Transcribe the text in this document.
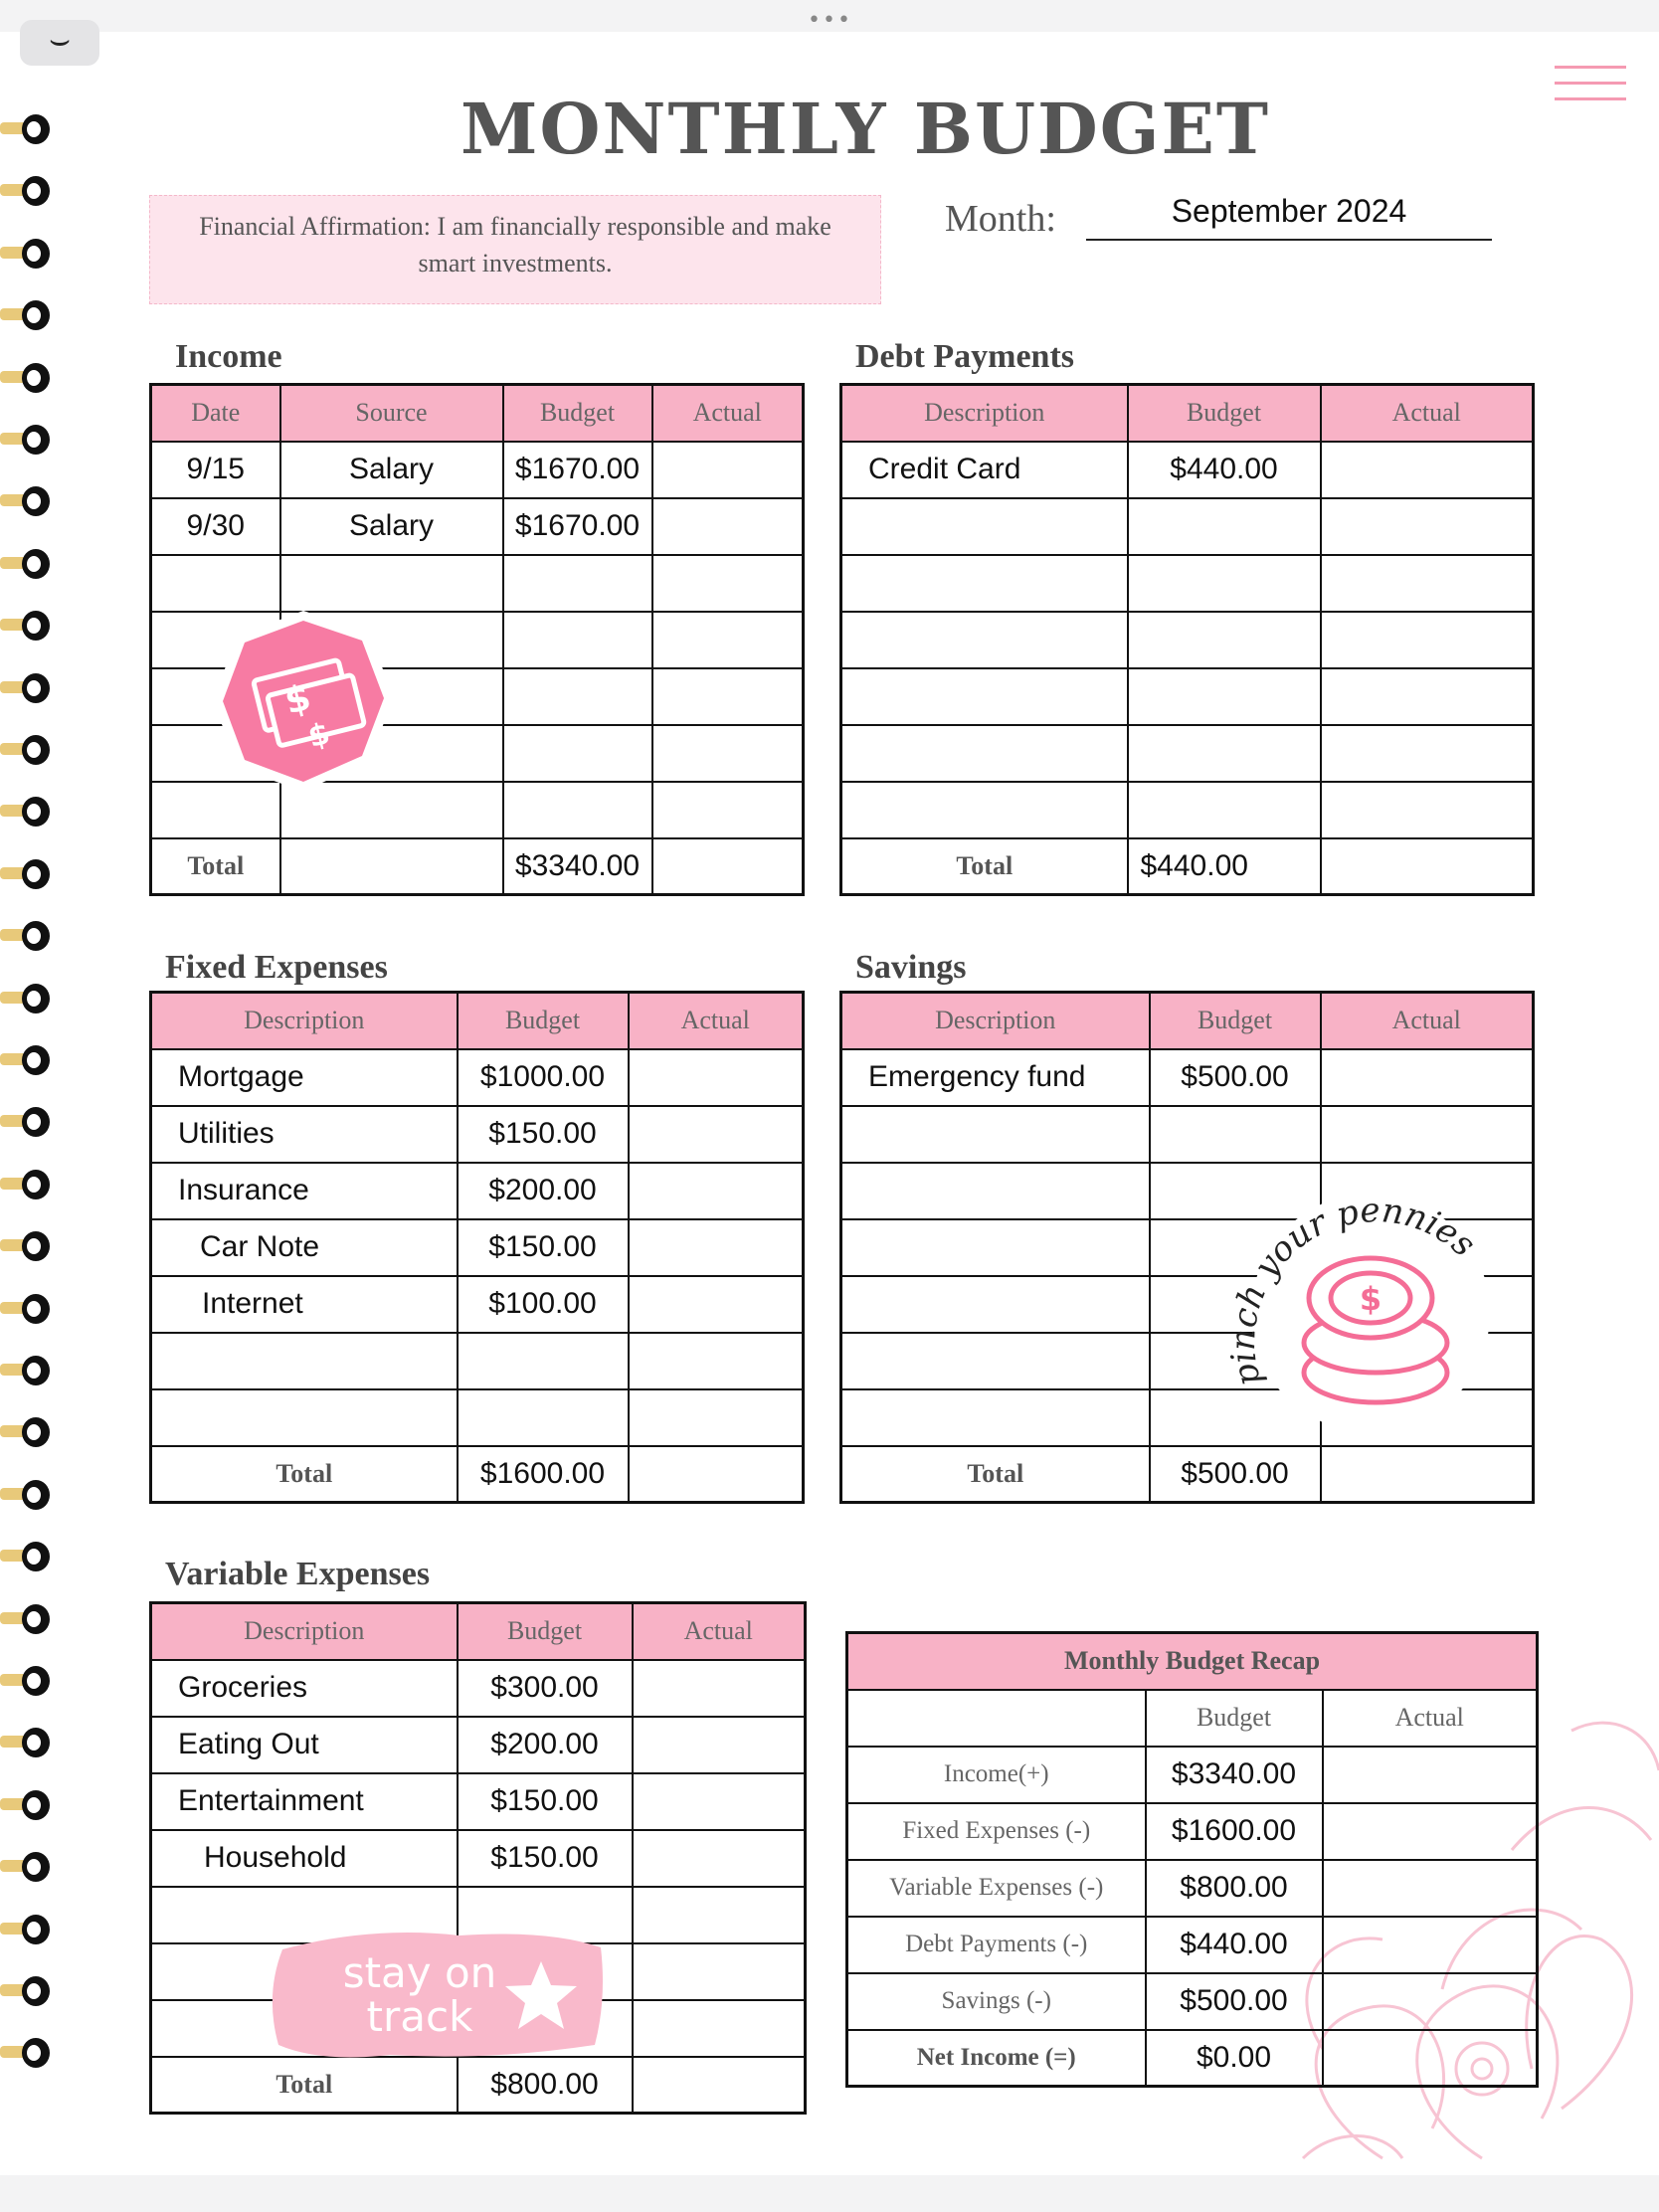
•••
⌣
MONTHLY BUDGET
Financial Affirmation: I am financially responsible and make smart investments.
Month:	September 2024
Income
Date	Source	Budget	Actual
9/15	Salary	$1670.00	
9/30	Salary	$1670.00	

Total		$3340.00	
$
$
Debt Payments
Description	Budget	Actual
Credit Card	$440.00	

Total	$440.00	
Fixed Expenses
Description	Budget	Actual
Mortgage	$1000.00	
Utilities	$150.00	
Insurance	$200.00	
Car Note	$150.00	
Internet	$100.00	

Total	$1600.00	
Savings
Description	Budget	Actual
Emergency fund	$500.00	

Total	$500.00	
pinch your pennies
$
Variable Expenses
Description	Budget	Actual
Groceries	$300.00	
Eating Out	$200.00	
Entertainment	$150.00	
Household	$150.00	

Total	$800.00	
stay on
track
Monthly Budget Recap		
	Budget	Actual
Income(+)	$3340.00	
Fixed Expenses (-)	$1600.00	
Variable Expenses (-)	$800.00	
Debt Payments (-)	$440.00	
Savings (-)	$500.00	
Net Income (=)	$0.00	
